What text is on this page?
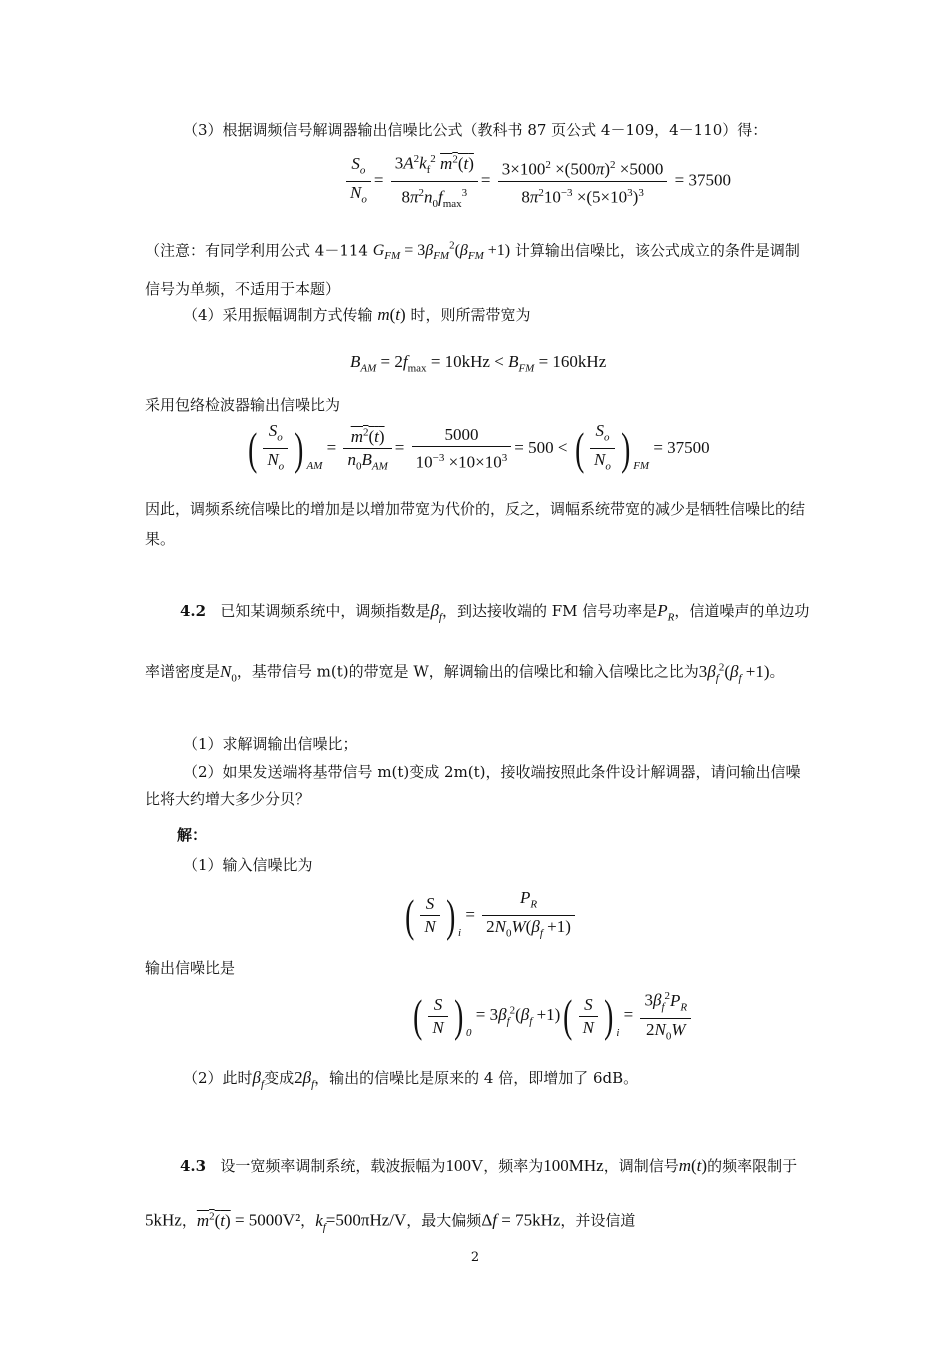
（3）根据调频信号解调器输出信噪比公式（教科书 87 页公式 4－109，4－110）得：
$\frac{S_o}{N_o} = \frac{3A^2k_f^2 m^2(t)}{8\pi^2n_0f_{max}^3} = \frac{3\times 100^2 \times(500\pi)^2 \times 5000}{8\pi^210^{-3} \times(5\times 10^3)^3} = 37500$
（注意：有同学利用公式 4－114 $G_{FM} = 3\beta_{FM}^2(\beta_{FM} +1)$ 计算输出信噪比，该公式成立的条件是调制信号为单频，不适用于本题）
（4）采用振幅调制方式传输 m(t) 时，则所需带宽为
$B_{AM} = 2f_{max} = 10kHz < B_{FM} = 160kHz$
采用包络检波器输出信噪比为
( $\frac{S_o}{N_o}$ ) $_{AM} = \frac{m^2(t)}{n_0B_{AM}} = \frac{5000}{10^{-3} \times 10\times 10^3} = 500$ < ( $\frac{S_o}{N_o}$ ) $_{FM}$ = 37500
因此，调频系统信噪比的增加是以增加带宽为代价的，反之，调幅系统带宽的减少是牺牲信噪比的结果。
4.2 已知某调频系统中，调频指数是$\beta_f$，到达接收端的 FM 信号功率是$P_R$，信道噪声的单边功率谱密度是$N_0$，基带信号 m(t)的带宽是 W，解调输出的信噪比和输入信噪比之比为$3\beta_f^2(\beta_f +1)$。
（1）求解调输出信噪比；
（2）如果发送端将基带信号 m(t)变成 2m(t)，接收端按照此条件设计解调器，请问输出信噪比将大约增大多少分贝？
解：
（1）输入信噪比为
( $\frac{S}{N}$ ) $_i = \frac{P_R}{2N_0W(\beta_f +1)}$
输出信噪比是
( $\frac{S}{N}$ ) $_0 = 3\beta_f^2(\beta_f +1)( \frac{S}{N}$ ) $_i = \frac{3\beta_f^2P_R}{2N_0W}$
（2）此时$\beta_f$变成$2\beta_f$，输出的信噪比是原来的 4 倍，即增加了 6dB。
4.3 设一宽频率调制系统，载波振幅为100V，频率为100MHz，调制信号m(t)的频率限制于5kHz，$m^2(t) = 5000V^2$，$k_f=500\pi Hz/V$，最大偏频Δf = 75kHz，并设信道
2
